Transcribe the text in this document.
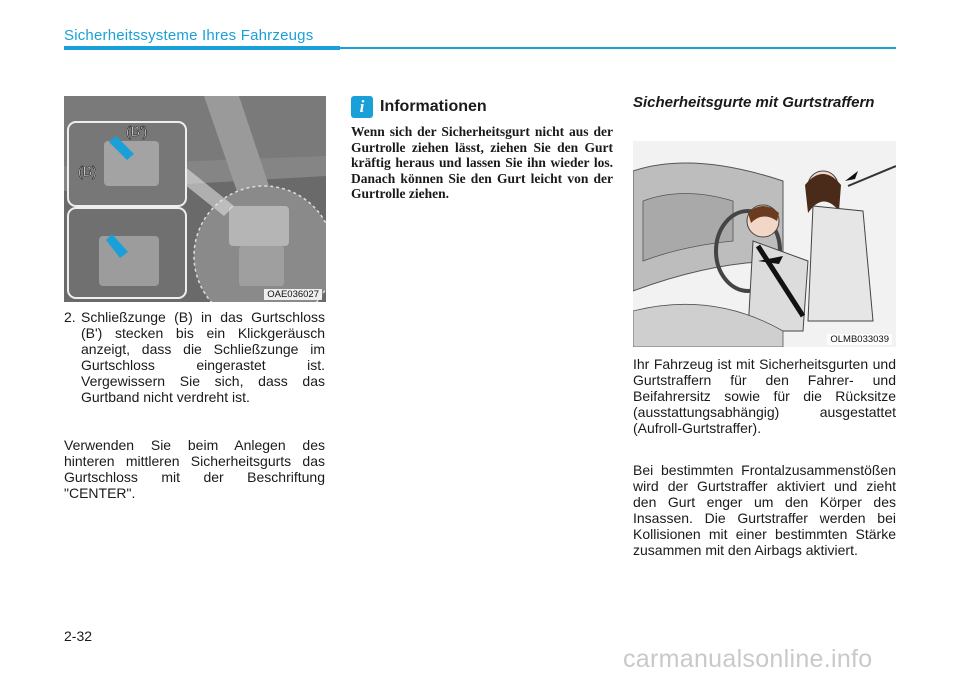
Sicherheitssysteme Ihres Fahrzeugs
(B')
(B)
OAE036027
2. Schließzunge (B) in das Gurtschloss (B') stecken bis ein Klickgeräusch anzeigt, dass die Schließzunge im Gurtschloss eingerastet ist. Vergewissern Sie sich, dass das Gurtband nicht verdreht ist.
Verwenden Sie beim Anlegen des hinteren mittleren Sicherheitsgurts das Gurtschloss mit der Beschriftung "CENTER".
i Informationen
Wenn sich der Sicherheitsgurt nicht aus der Gurtrolle ziehen lässt, ziehen Sie den Gurt kräftig heraus und lassen Sie ihn wieder los. Danach können Sie den Gurt leicht von der Gurtrolle ziehen.
Sicherheitsgurte mit Gurtstraffern
OLMB033039
Ihr Fahrzeug ist mit Sicherheitsgurten und Gurtstraffern für den Fahrer- und Beifahrersitz sowie für die Rücksitze (ausstattungsabhängig) ausgestattet (Aufroll-Gurtstraffer).
Bei bestimmten Frontalzusammenstößen wird der Gurtstraffer aktiviert und zieht den Gurt enger um den Körper des Insassen. Die Gurtstraffer werden bei Kollisionen mit einer bestimmten Stärke zusammen mit den Airbags aktiviert.
2-32
carmanualsonline.info
